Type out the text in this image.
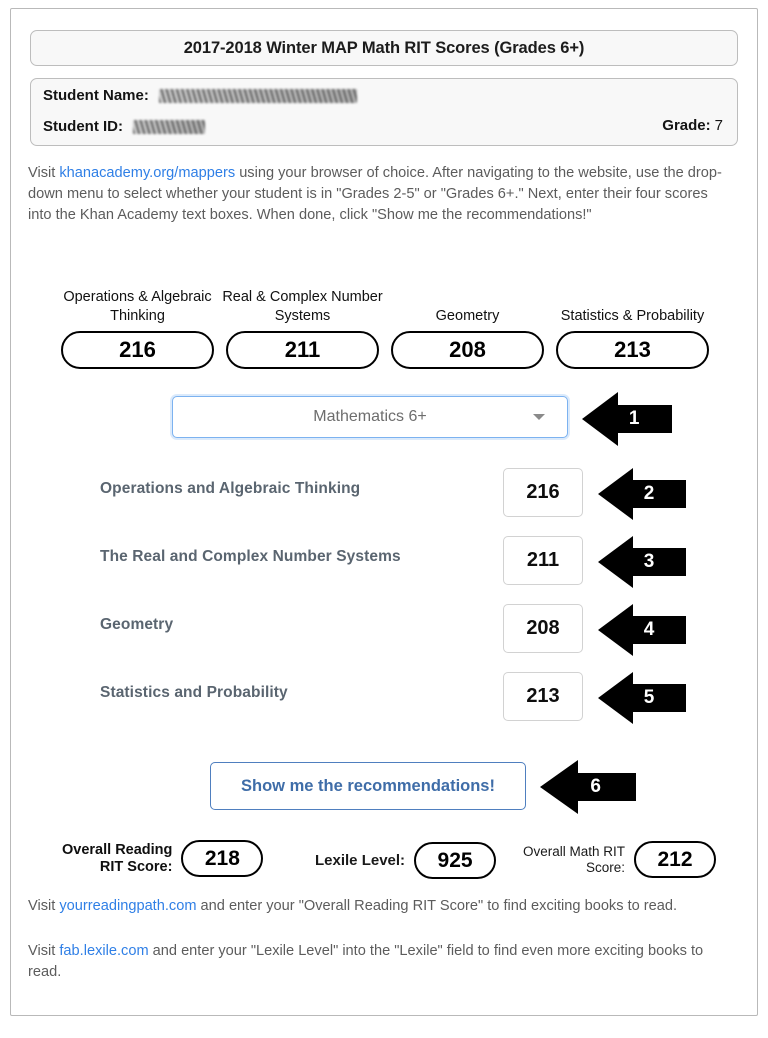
2017-2018 Winter MAP Math RIT Scores (Grades 6+)
Student Name:
Student ID:	Grade: 7
Visit khanacademy.org/mappers using your browser of choice. After navigating to the website, use the drop-down menu to select whether your student is in "Grades 2-5" or "Grades 6+." Next, enter their four scores into the Khan Academy text boxes. When done, click "Show me the recommendations!"
Operations & Algebraic Thinking
216
Real & Complex Number Systems
211
Geometry
208
Statistics & Probability
213
Mathematics 6+	1
Operations and Algebraic Thinking	216
The Real and Complex Number Systems	211
Geometry	208
Statistics and Probability	213
2
3
4
5
Show me the recommendations!	6
Overall Reading
RIT Score:	218	Lexile Level:	925	Overall Math RIT
Score:	212
Visit yourreadingpath.com and enter your "Overall Reading RIT Score" to find exciting books to read.
Visit fab.lexile.com and enter your "Lexile Level" into the "Lexile" field to find even more exciting books to read.
